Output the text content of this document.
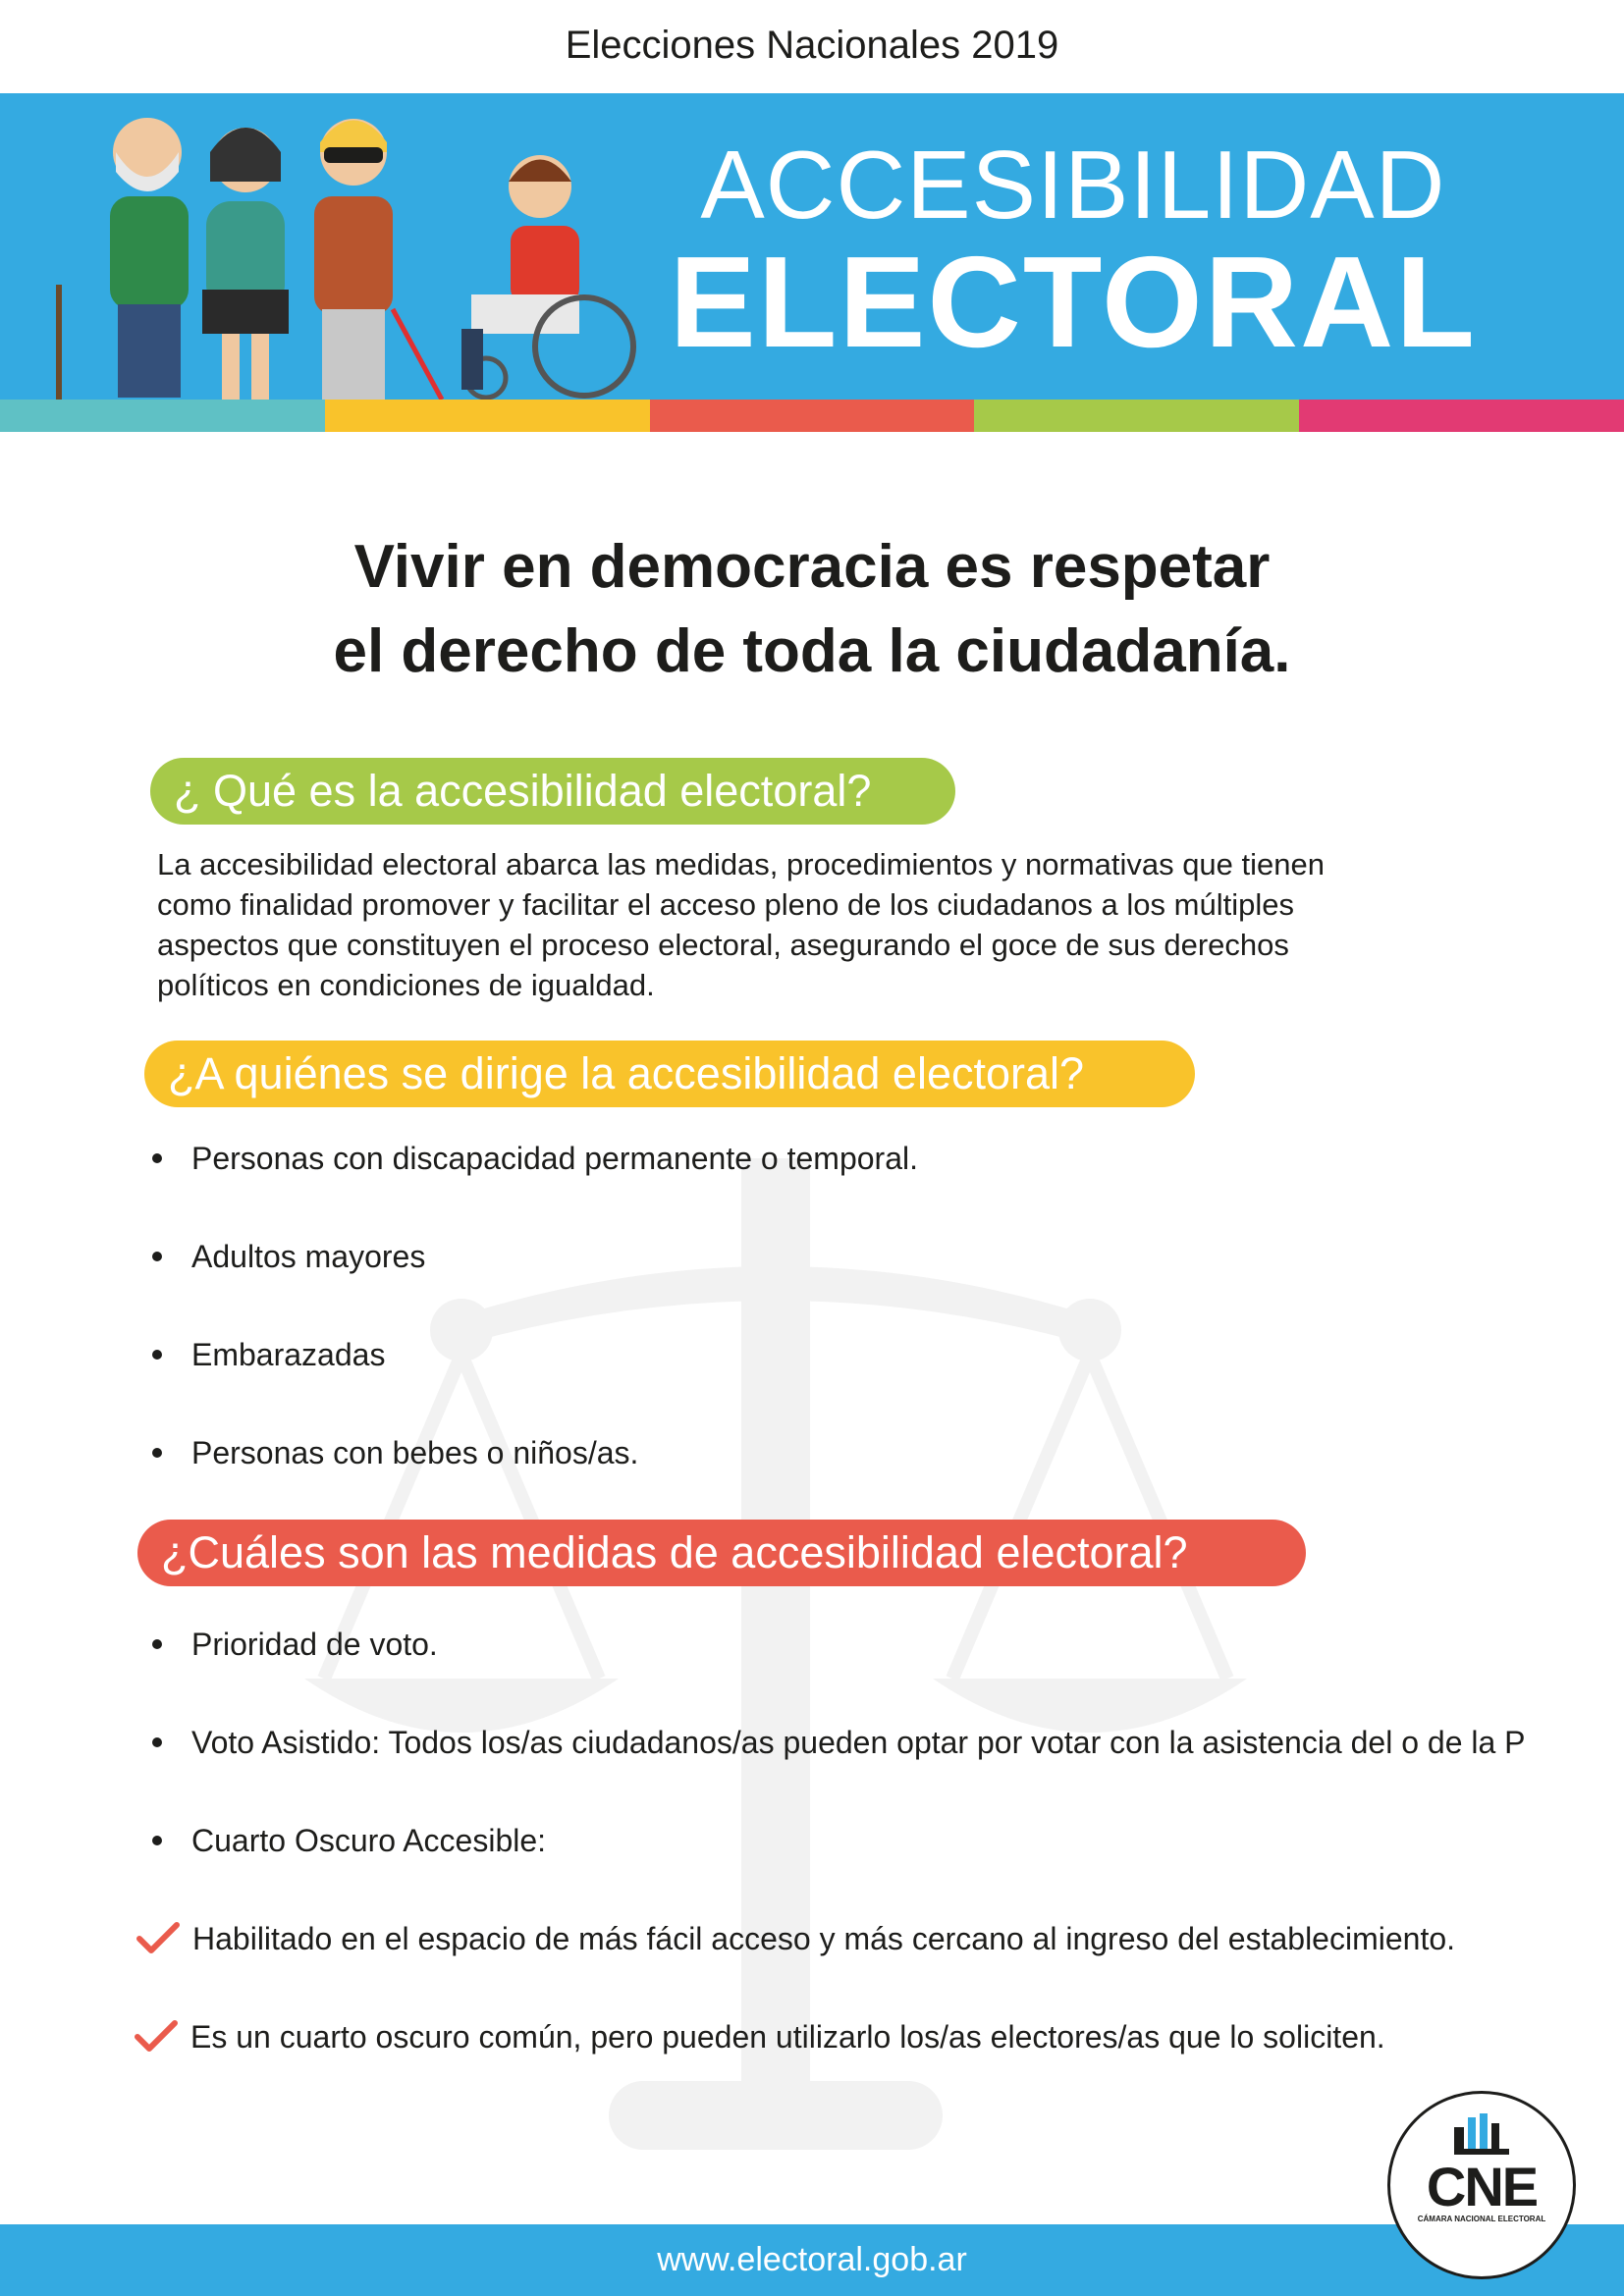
Elecciones Nacionales 2019
ACCESIBILIDAD
ELECTORAL
Vivir en democracia es respetar
el derecho de toda la ciudadanía.
¿ Qué es la accesibilidad electoral?
La accesibilidad electoral abarca las medidas, procedimientos y normativas que tienen
como finalidad promover y facilitar el acceso pleno de los ciudadanos a los múltiples
aspectos que constituyen el proceso electoral, asegurando el goce de sus derechos
políticos en condiciones de igualdad.
¿A quiénes se dirige la accesibilidad electoral?
Personas con discapacidad permanente o temporal.
Adultos mayores
Embarazadas
Personas con bebes o niños/as.
¿Cuáles son las medidas de accesibilidad electoral?
Prioridad de voto.
Voto Asistido: Todos los/as ciudadanos/as pueden optar por votar con la asistencia del o de la P
Cuarto Oscuro Accesible:
Habilitado en el espacio de más fácil acceso y más cercano al ingreso del establecimiento.
Es un cuarto oscuro común, pero pueden utilizarlo los/as electores/as que lo soliciten.
www.electoral.gob.ar
CNE
CÁMARA NACIONAL ELECTORAL
